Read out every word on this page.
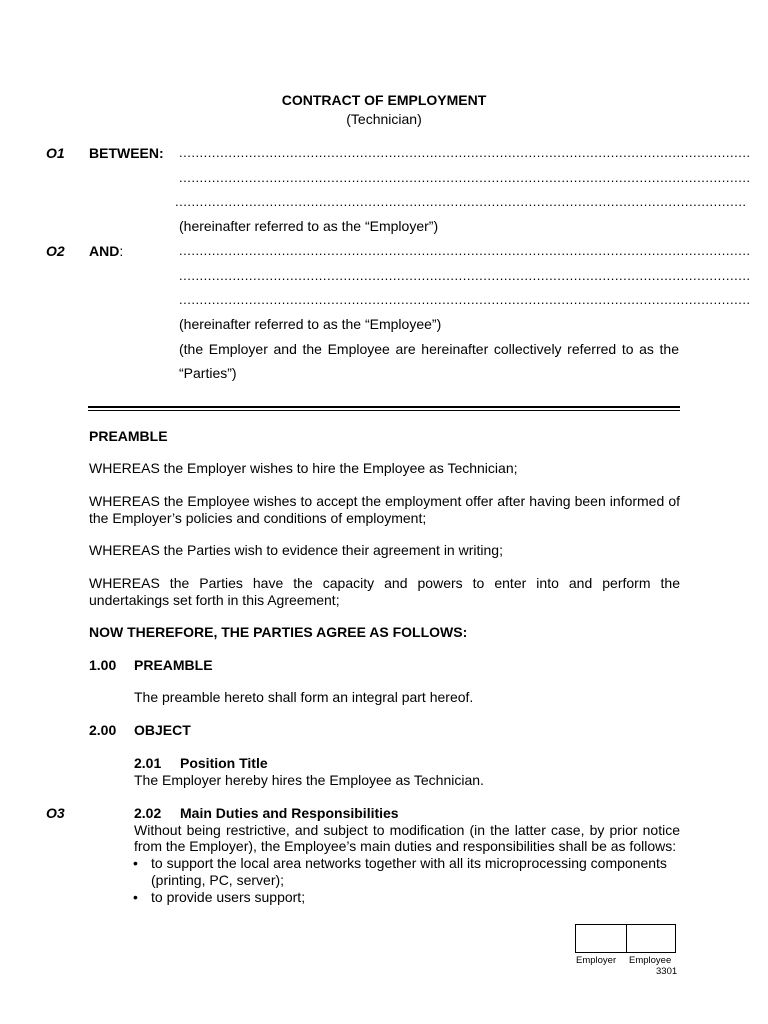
CONTRACT OF EMPLOYMENT
(Technician)
O1 BETWEEN: ...........................................................................................................................................
...........................................................................................................................................
...........................................................................................................................................
(hereinafter referred to as the “Employer”)
O2 AND:	...........................................................................................................................................
...........................................................................................................................................
...........................................................................................................................................
(hereinafter referred to as the “Employee”)
(the Employer and the Employee are hereinafter collectively referred to as the
“Parties”)
PREAMBLE
WHEREAS the Employer wishes to hire the Employee as Technician;
WHEREAS the Employee wishes to accept the employment offer after having been informed of the Employer’s policies and conditions of employment;
WHEREAS the Parties wish to evidence their agreement in writing;
WHEREAS the Parties have the capacity and powers to enter into and perform the undertakings set forth in this Agreement;
NOW THEREFORE, THE PARTIES AGREE AS FOLLOWS:
1.00 PREAMBLE
The preamble hereto shall form an integral part hereof.
2.00 OBJECT
2.01 Position Title
The Employer hereby hires the Employee as Technician.
O3	2.02 Main Duties and Responsibilities
Without being restrictive, and subject to modification (in the latter case, by prior notice
from the Employer), the Employee’s main duties and responsibilities shall be as follows:
• to support the local area networks together with all its microprocessing components
(printing, PC, server);
• to provide users support;
Employer Employee
3301
